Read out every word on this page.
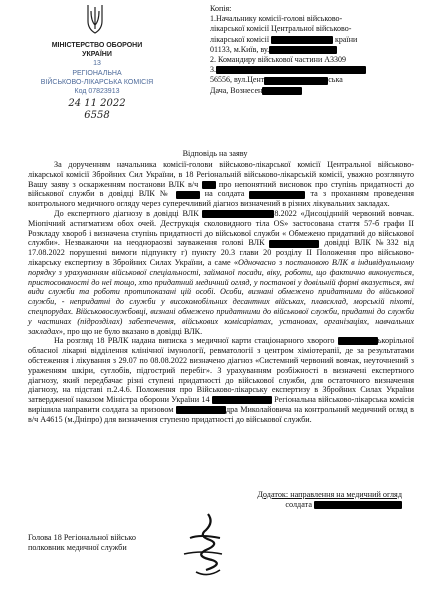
МІНІСТЕРСТВО ОБОРОНИ
УКРАЇНИ
13
РЕГІОНАЛЬНА
ВІЙСЬКОВО-ЛІКАРСЬКА КОМІСІЯ
Код 07823913
24 11 2022
6558
Копія:
1.Начальнику комісії-голові військово-
лікарської комісії Центральної військово-
лікарської комісії	країни
01133, м.Київ, ву.
2. Командиру військової частини А3309
3.
56556, вул.Цент	ська
Дача, Вознесен
Відповідь на заяву

За дорученням начальника комісії-голови військово-лікарської комісії Центральної військово-лікарської комісії Збройних Сил України, в 18 Регіональній військово-лікарській комісії, уважно розглянуто Вашу заяву з оскарженням постанови ВЛК в/ч	про непонятний висновок про ступінь придатності до військової служби в довідці ВЛК №	на солдата	та з проханням проведення контрольного медичного огляду через суперечливий діагноз визначений в різних лікувальних закладах.

До експертного діагнозу в довідці ВЛК	8.2022 «Дисоціднній червоний вовчак. Міопічний астигматизм обох очей. Деструкція сколовидного тіла OS» застосована стаття 57-б графи ІІ Розкладу хвороб і визначена ступінь придатності до військової служби « Обмежено придатний до військової служби». Незважаючи на неоднораозві зауваження голові ВЛК	довідці ВЛК №332 від 17.08.2022 порушенні вимоги підпункту г) пункту 20.3 глави 20 розділу ІІ Положення про військово-лікарську експертизу в Збройних Силах України, а саме «Одночасно з постановою ВЛК в індивідуальному порядку з урахуванням військової спеціальності, займаної посади, віку, роботи, що фактично виконується, пристосованості до неї тощо, хто придатний медичний огляд, у постанові у довільній формі вказується, які види служби та роботи протипоказані цій особі. Особи, визнані обмежено придатними до військової служби, - непридатні до служби у високомобільних десантних військах, плавсклад, морській піхоті, спецпорудах. Військовослужбовці, визнані обмежено придатними до військової служби, придатні до служби у частинах (підрозділах) забезпечення, військових комісаріатах, установах, організаціях, навчальних закладах», про що не було вказано в довідці ВЛК.

На розгляд 18 РВЛК надана виписка з медичної карти стаціонарного хворого	ькорільної обласної лікарні відділення клінічної імунології, ревматології з центром хіміотерапії, де за результатами обстеження і лікування з 29.07 по 08.08.2022 визначено діагноз «Системний червоний вовчак, неуточнений з ураженням шкіри, суглобів, підгострий перебіг». З урахуванням розбіжності в визначені експертного діагнозу, який передбачає різні ступені придатності до військової служби, для остаточного визначення діагнозу, на підставі п.2.4.6. Положення про Військово-лікарську експертизу в Збройних Силах України затвердженої наказом Міністра оборони України 14	Регіональна військово-лікарська комісія вирішила направити солдата за призовом	дра Миколайовича на контрольний медичний огляд в в/ч А4615 (м.Дніпро) для визначення ступеню придатності до військової служби.

Додаток: направлення на медичний огляд
солдата
Голова 18 Регіональної військо
полковник медичної служби
